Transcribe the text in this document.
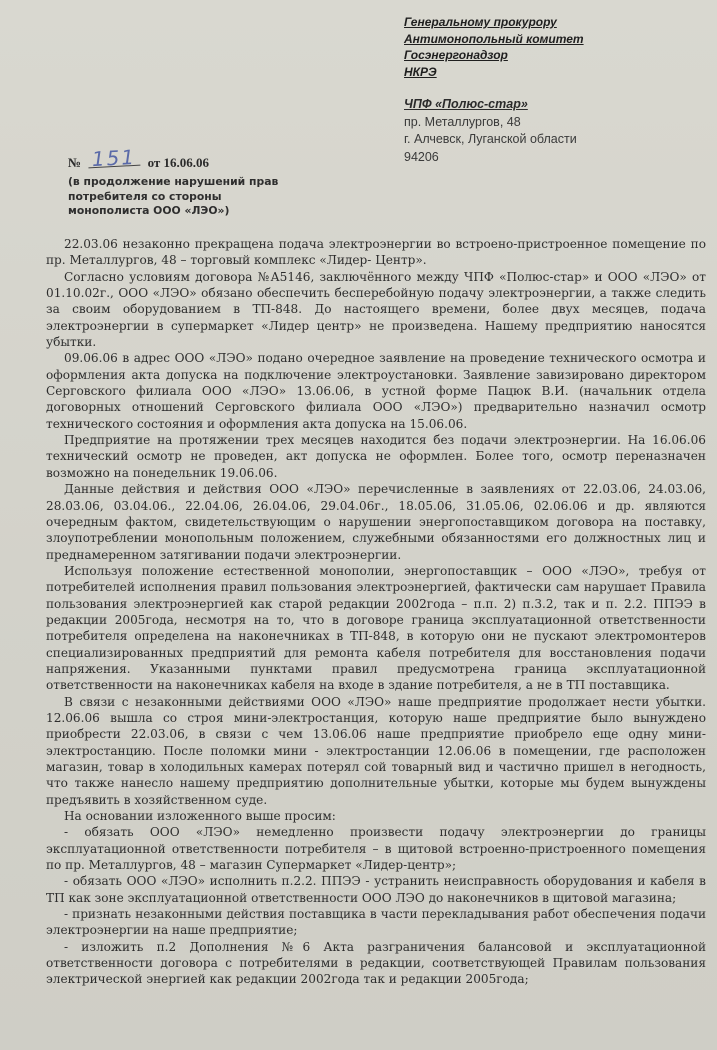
Генеральному прокурору
Антимонопольный комитет
Госэнергонадзор
НКРЭ
ЧПФ «Полюс-стар»
пр. Металлургов, 48
г. Алчевск, Луганской области
94206
№ 151 от 16.06.06
(в продолжение нарушений прав
потребителя со стороны
монополиста ООО «ЛЭО»)

22.03.06 незаконно прекращена подача электроэнергии во встроено-пристроенное помещение по пр. Металлургов, 48 – торговый комплекс «Лидер- Центр».

Согласно условиям договора №А5146, заключённого между ЧПФ «Полюс-стар» и ООО «ЛЭО» от 01.10.02г., ООО «ЛЭО» обязано обеспечить бесперебойную подачу электроэнергии, а также следить за своим оборудованием в ТП-848. До настоящего времени, более двух месяцев, подача электроэнергии в супермаркет «Лидер центр» не произведена. Нашему предприятию наносятся убытки.

09.06.06 в адрес ООО «ЛЭО» подано очередное заявление на проведение технического осмотра и оформления акта допуска на подключение электроустановки. Заявление завизировано директором Серговского филиала ООО «ЛЭО» 13.06.06, в устной форме Пацюк В.И. (начальник отдела договорных отношений Серговского филиала ООО «ЛЭО») предварительно назначил осмотр технического состояния и оформления акта допуска на 15.06.06.

Предприятие на протяжении трех месяцев находится без подачи электроэнергии. На 16.06.06 технический осмотр не проведен, акт допуска не оформлен. Более того, осмотр переназначен возможно на понедельник 19.06.06.

Данные действия и действия ООО «ЛЭО» перечисленные в заявлениях от 22.03.06, 24.03.06, 28.03.06, 03.04.06., 22.04.06, 26.04.06, 29.04.06г., 18.05.06, 31.05.06, 02.06.06 и др. являются очередным фактом, свидетельствующим о нарушении энергопоставщиком договора на поставку, злоупотреблении монопольным положением, служебными обязанностями его должностных лиц и преднамеренном затягивании подачи электроэнергии.

Используя положение естественной монополии, энергопоставщик – ООО «ЛЭО», требуя от потребителей исполнения правил пользования электроэнергией, фактически сам нарушает Правила пользования электроэнергией как старой редакции 2002года – п.п. 2) п.3.2, так и п. 2.2. ППЭЭ в редакции 2005года, несмотря на то, что в договоре граница эксплуатационной ответственности потребителя определена на наконечниках в ТП-848, в которую они не пускают электромонтеров специализированных предприятий для ремонта кабеля потребителя для восстановления подачи напряжения. Указанными пунктами правил предусмотрена граница эксплуатационной ответственности на наконечниках кабеля на входе в здание потребителя, а не в ТП поставщика.

В связи с незаконными действиями ООО «ЛЭО» наше предприятие продолжает нести убытки. 12.06.06 вышла со строя мини-электростанция, которую наше предприятие было вынуждено приобрести 22.03.06, в связи с чем 13.06.06 наше предприятие приобрело еще одну мини-электростанцию. После поломки мини - электростанции 12.06.06 в помещении, где расположен магазин, товар в холодильных камерах потерял сой товарный вид и частично пришел в негодность, что также нанесло нашему предприятию дополнительные убытки, которые мы будем вынуждены предъявить в хозяйственном суде.

На основании изложенного выше просим:

- обязать ООО «ЛЭО» немедленно произвести подачу электроэнергии до границы эксплуатационной ответственности потребителя – в щитовой встроенно-пристроенного помещения по пр. Металлургов, 48 – магазин Супермаркет «Лидер-центр»;

- обязать ООО «ЛЭО» исполнить п.2.2. ППЭЭ - устранить неисправность оборудования и кабеля в ТП как зоне эксплуатационной ответственности ООО ЛЭО до наконечников в щитовой магазина;

- признать незаконными действия поставщика в части перекладывания работ обеспечения подачи электроэнергии на наше предприятие;

- изложить п.2 Дополнения №6 Акта разграничения балансовой и эксплуатационной ответственности договора с потребителями в редакции, соответствующей Правилам пользования электрической энергией как редакции 2002года так и редакции 2005года;
